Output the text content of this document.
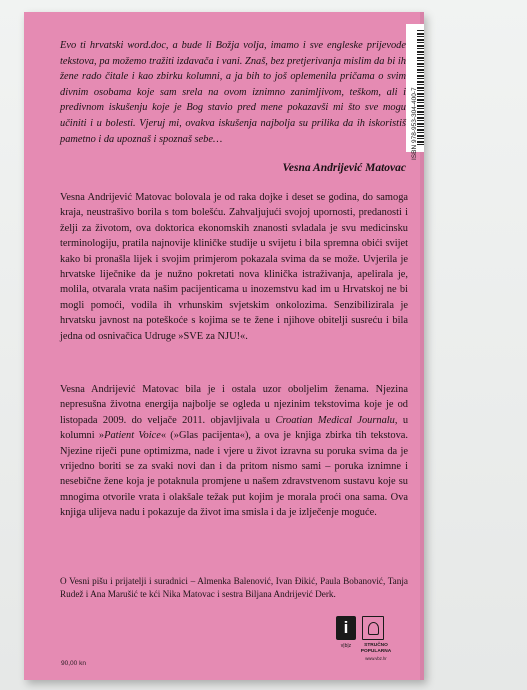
ISBN 978-953-304-400-7
Evo ti hrvatski word.doc, a bude li Božja volja, imamo i sve engleske prijevode tekstova, pa možemo tražiti izdavača i vani. Znaš, bez pretjerivanja mislim da bi ih žene rado čitale i kao zbirku kolumni, a ja bih to još oplemenila pričama o svim divnim osobama koje sam srela na ovom iznimno zanimljivom, teškom, ali i predivnom iskušenju koje je Bog stavio pred mene pokazavši mi što sve mogu učiniti i u bolesti. Vjeruj mi, ovakva iskušenja najbolja su prilika da ih iskoristiš pametno i da upoznaš i spoznaš sebe…
Vesna Andrijević Matovac
Vesna Andrijević Matovac bolovala je od raka dojke i deset se godina, do samoga kraja, neustrašivo borila s tom bolešću. Zahvaljujući svojoj upornosti, predanosti i želji za životom, ova doktorica ekonomskih znanosti svladala je svu medicinsku terminologiju, pratila najnovije kliničke studije u svijetu i bila spremna obići svijet kako bi pronašla lijek i svojim primjerom pokazala svima da se može. Uvjerila je hrvatske liječnike da je nužno pokretati nova klinička istraživanja, apelirala je, molila, otvarala vrata našim pacijenticama u inozemstvu kad im u Hrvatskoj ne bi mogli pomoći, vodila ih vrhunskim svjetskim onkolozima. Senzibilizirala je hrvatsku javnost na poteškoće s kojima se te žene i njihove obitelji susreću i bila jedna od osnivačica Udruge »SVE za NJU!«.
Vesna Andrijević Matovac bila je i ostala uzor oboljelim ženama. Njezina nepresušna životna energija najbolje se ogleda u njezinim tekstovima koje je od listopada 2009. do veljače 2011. objavljivala u Croatian Medical Journalu, u kolumni »Patient Voice« (»Glas pacijenta«), a ova je knjiga zbirka tih tekstova. Njezine riječi pune optimizma, nade i vjere u život izravna su poruka svima da je vrijedno boriti se za svaki novi dan i da pritom nismo sami – poruka iznimne i nesebične žene koja je potaknula promjene u našem zdravstvenom sustavu koje su mnogima otvorile vrata i olakšale težak put kojim je morala proći ona sama. Ova knjiga ulijeva nadu i pokazuje da život ima smisla i da je izlječenje moguće.
O Vesni pišu i prijatelji i suradnici – Almenka Balenović, Ivan Đikić, Paula Bobanović, Tanja Rudež i Ana Marušić te kći Nika Matovac i sestra Biljana Andrijević Derk.
90,00 kn
i
v|b|z	STRUČNO POPULARNA
www.vbz.hr
